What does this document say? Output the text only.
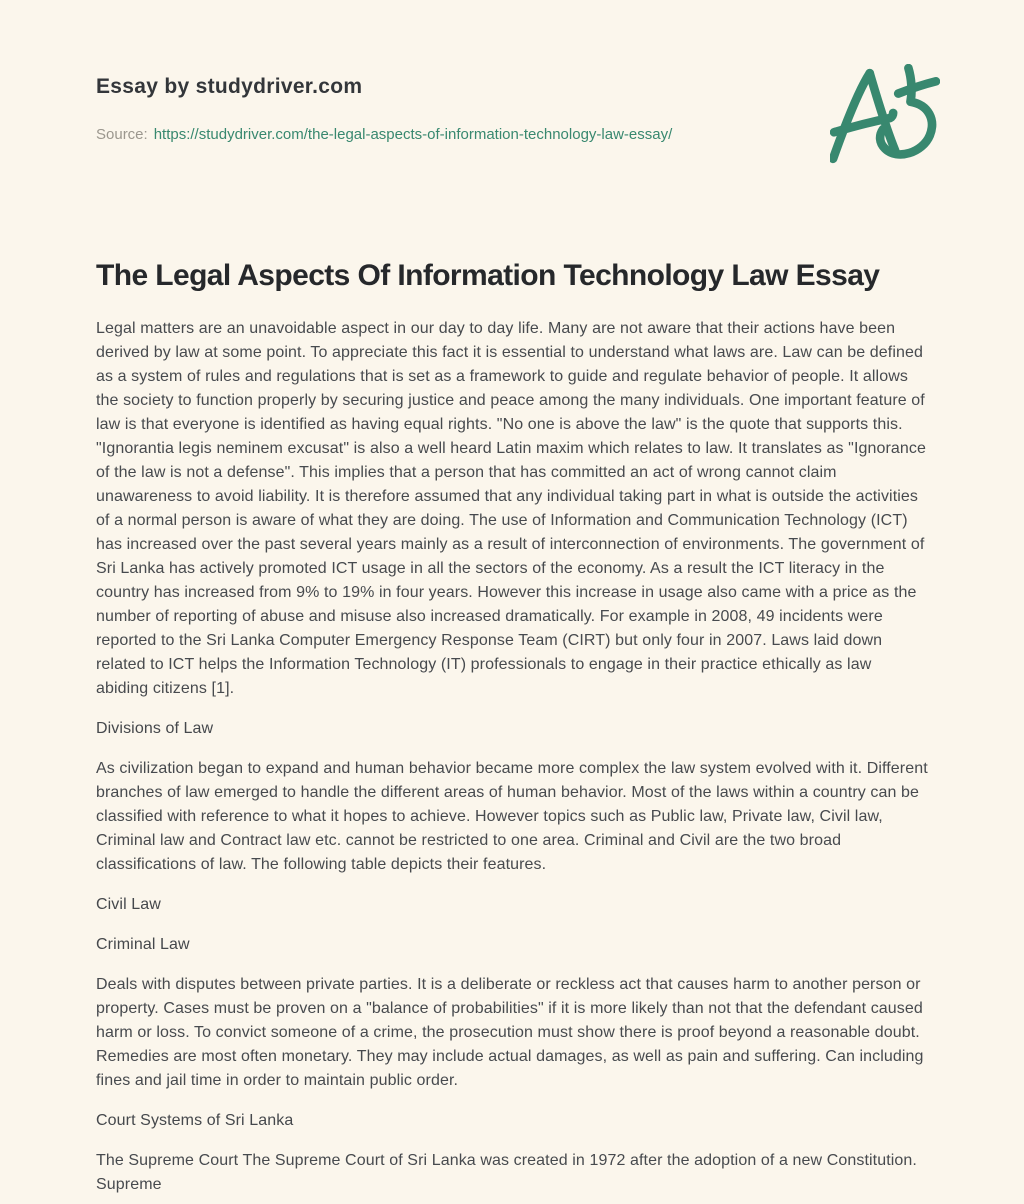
Essay by studydriver.com
Source: https://studydriver.com/the-legal-aspects-of-information-technology-law-essay/
The Legal Aspects Of Information Technology Law Essay

Legal matters are an unavoidable aspect in our day to day life. Many are not aware that their actions have been derived by law at some point. To appreciate this fact it is essential to understand what laws are. Law can be defined as a system of rules and regulations that is set as a framework to guide and regulate behavior of people. It allows the society to function properly by securing justice and peace among the many individuals. One important feature of law is that everyone is identified as having equal rights. "No one is above the law" is the quote that supports this. "Ignorantia legis neminem excusat" is also a well heard Latin maxim which relates to law. It translates as "Ignorance of the law is not a defense". This implies that a person that has committed an act of wrong cannot claim unawareness to avoid liability. It is therefore assumed that any individual taking part in what is outside the activities of a normal person is aware of what they are doing. The use of Information and Communication Technology (ICT) has increased over the past several years mainly as a result of interconnection of environments. The government of Sri Lanka has actively promoted ICT usage in all the sectors of the economy. As a result the ICT literacy in the country has increased from 9% to 19% in four years. However this increase in usage also came with a price as the number of reporting of abuse and misuse also increased dramatically. For example in 2008, 49 incidents were reported to the Sri Lanka Computer Emergency Response Team (CIRT) but only four in 2007. Laws laid down related to ICT helps the Information Technology (IT) professionals to engage in their practice ethically as law abiding citizens [1].

Divisions of Law

As civilization began to expand and human behavior became more complex the law system evolved with it. Different branches of law emerged to handle the different areas of human behavior. Most of the laws within a country can be classified with reference to what it hopes to achieve. However topics such as Public law, Private law, Civil law, Criminal law and Contract law etc. cannot be restricted to one area. Criminal and Civil are the two broad classifications of law. The following table depicts their features.

Civil Law
Criminal Law

Deals with disputes between private parties. It is a deliberate or reckless act that causes harm to another person or property. Cases must be proven on a "balance of probabilities" if it is more likely than not that the defendant caused harm or loss. To convict someone of a crime, the prosecution must show there is proof beyond a reasonable doubt. Remedies are most often monetary. They may include actual damages, as well as pain and suffering. Can including fines and jail time in order to maintain public order.

Court Systems of Sri Lanka

The Supreme Court The Supreme Court of Sri Lanka was created in 1972 after the adoption of a new Constitution. Supreme
